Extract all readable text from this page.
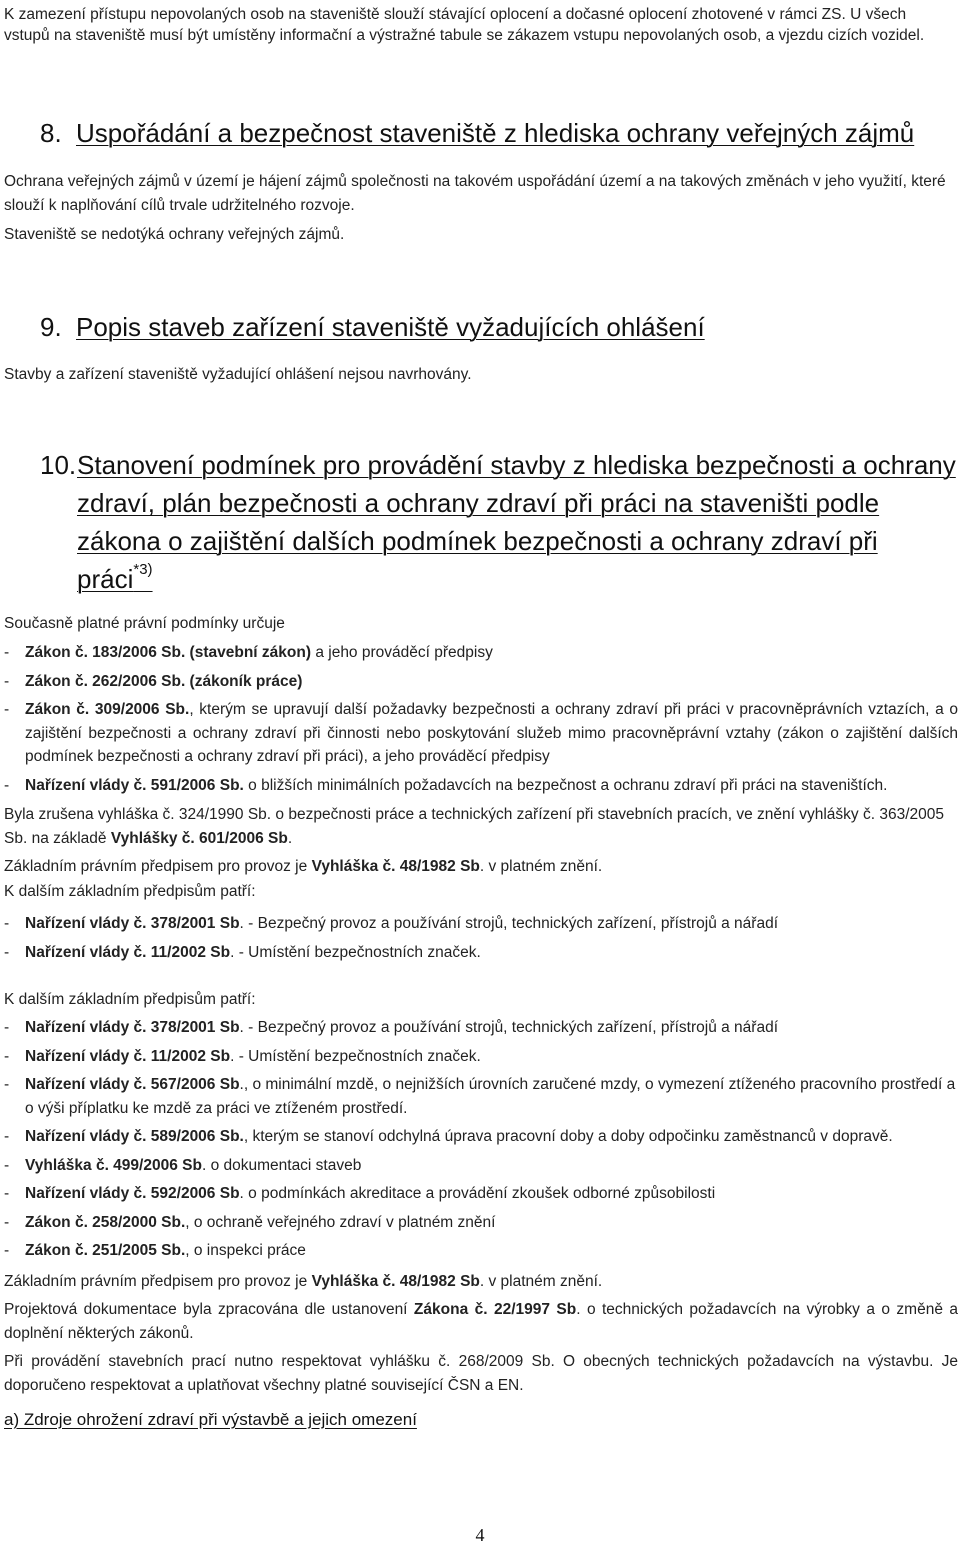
K zamezení přístupu nepovolaných osob na staveniště slouží stávající oplocení a dočasné oplocení zhotovené v rámci ZS. U všech vstupů na staveniště musí být umístěny informační a výstražné tabule se zákazem vstupu nepovolaných osob, a vjezdu cizích vozidel.

8. Uspořádání a bezpečnost staveniště z hlediska ochrany veřejných zájmů

Ochrana veřejných zájmů v území je hájení zájmů společnosti na takovém uspořádání území a na takových změnách v jeho využití, které slouží k naplňování cílů trvale udržitelného rozvoje.

Staveniště se nedotýká ochrany veřejných zájmů.

9. Popis staveb zařízení staveniště vyžadujících ohlášení

Stavby a zařízení staveniště vyžadující ohlášení nejsou navrhovány.

10. Stanovení podmínek pro provádění stavby z hlediska bezpečnosti a ochrany zdraví, plán bezpečnosti a ochrany zdraví při práci na staveništi podle zákona o zajištění dalších podmínek bezpečnosti a ochrany zdraví při práci$^{*3)}$

Současně platné právní podmínky určuje

- Zákon č. 183/2006 Sb. (stavební zákon) a jeho prováděcí předpisy

- Zákon č. 262/2006 Sb. (zákoník práce)

- Zákon č. 309/2006 Sb., kterým se upravují další požadavky bezpečnosti a ochrany zdraví při práci v pracovněprávních vztazích, a o zajištění bezpečnosti a ochrany zdraví při činnosti nebo poskytování služeb mimo pracovněprávní vztahy (zákon o zajištění dalších podmínek bezpečnosti a ochrany zdraví při práci), a jeho prováděcí předpisy

- Nařízení vlády č. 591/2006 Sb. o bližších minimálních požadavcích na bezpečnost a ochranu zdraví při práci na staveništích.

Byla zrušena vyhláška č. 324/1990 Sb. o bezpečnosti práce a technických zařízení při stavebních pracích, ve znění vyhlášky č. 363/2005 Sb. na základě Vyhlášky č. 601/2006 Sb.

Základním právním předpisem pro provoz je Vyhláška č. 48/1982 Sb. v platném znění.

K dalším základním předpisům patří:

- Nařízení vlády č. 378/2001 Sb. - Bezpečný provoz a používání strojů, technických zařízení, přístrojů a nářadí

- Nařízení vlády č. 11/2002 Sb. - Umístění bezpečnostních značek.

K dalším základním předpisům patří:

- Nařízení vlády č. 378/2001 Sb. - Bezpečný provoz a používání strojů, technických zařízení, přístrojů a nářadí

- Nařízení vlády č. 11/2002 Sb. - Umístění bezpečnostních značek.

- Nařízení vlády č. 567/2006 Sb., o minimální mzdě, o nejnižších úrovních zaručené mzdy, o vymezení ztíženého pracovního prostředí a o výši příplatku ke mzdě za práci ve ztíženém prostředí.

- Nařízení vlády č. 589/2006 Sb., kterým se stanoví odchylná úprava pracovní doby a doby odpočinku zaměstnanců v dopravě.

- Vyhláška č. 499/2006 Sb. o dokumentaci staveb

- Nařízení vlády č. 592/2006 Sb. o podmínkách akreditace a provádění zkoušek odborné způsobilosti

- Zákon č. 258/2000 Sb., o ochraně veřejného zdraví v platném znění

- Zákon č. 251/2005 Sb., o inspekci práce

Základním právním předpisem pro provoz je Vyhláška č. 48/1982 Sb. v platném znění.

Projektová dokumentace byla zpracována dle ustanovení Zákona č. 22/1997 Sb. o technických požadavcích na výrobky a o změně a doplnění některých zákonů.

Při provádění stavebních prací nutno respektovat vyhlášku č. 268/2009 Sb. O obecných technických požadavcích na výstavbu. Je doporučeno respektovat a uplatňovat všechny platné související ČSN a EN.

a) Zdroje ohrožení zdraví při výstavbě a jejich omezení

4
